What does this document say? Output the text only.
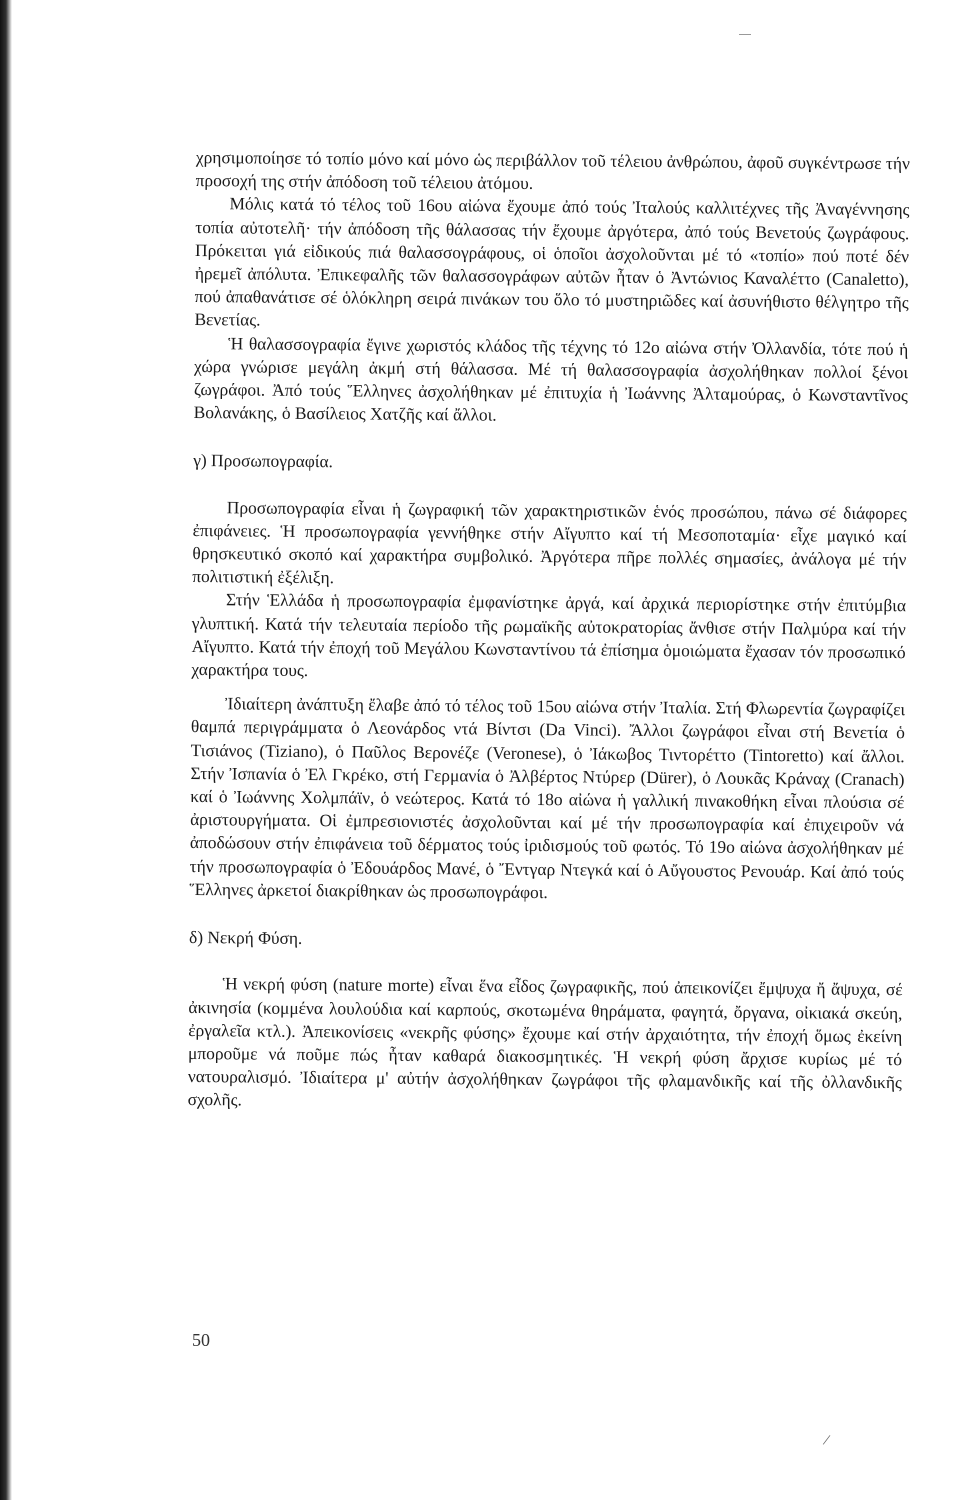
χρησιμοποίησε τό τοπίο μόνο καί μόνο ὡς περιβάλλον τοῦ τέλειου ἀνθρώπου, ἀφοῦ συγκέντρωσε τήν προσοχή της στήν ἀπόδοση τοῦ τέλειου ἀτόμου.

Μόλις κατά τό τέλος τοῦ 16ου αἰώνα ἔχουμε ἀπό τούς Ἰταλούς καλλιτέχνες τῆς Ἀναγέννησης τοπία αὐτοτελῆ· τήν ἀπόδοση τῆς θάλασσας τήν ἔχουμε ἀργότερα, ἀπό τούς Βενετούς ζωγράφους. Πρόκειται γιά εἰδικούς πιά θαλασσογράφους, οἱ ὁποῖοι ἀσχολοῦνται μέ τό «τοπίο» πού ποτέ δέν ἠρεμεῖ ἀπόλυτα. Ἐπικεφαλῆς τῶν θαλασσογράφων αὐτῶν ἦταν ὁ Ἀντώνιος Καναλέττο (Canaletto), πού ἀπαθανάτισε σέ ὁλόκληρη σειρά πινάκων του ὅλο τό μυστηριῶδες καί ἀσυνήθιστο θέλγητρο τῆς Βενετίας.

Ἡ θαλασσογραφία ἔγινε χωριστός κλάδος τῆς τέχνης τό 12ο αἰώνα στήν Ὀλλανδία, τότε πού ἡ χώρα γνώρισε μεγάλη ἀκμή στή θάλασσα. Μέ τή θαλασσογραφία ἀσχολήθηκαν πολλοί ξένοι ζωγράφοι. Ἀπό τούς Ἕλληνες ἀσχολήθηκαν μέ ἐπιτυχία ἡ Ἰωάννης Ἀλταμούρας, ὁ Κωνσταντῖνος Βολανάκης, ὁ Βασίλειος Χατζῆς καί ἄλλοι.

γ) Προσωπογραφία.

Προσωπογραφία εἶναι ἡ ζωγραφική τῶν χαρακτηριστικῶν ἑνός προσώπου, πάνω σέ διάφορες ἐπιφάνειες. Ἡ προσωπογραφία γεννήθηκε στήν Αἴγυπτο καί τή Μεσοποταμία· εἶχε μαγικό καί θρησκευτικό σκοπό καί χαρακτήρα συμβολικό. Ἀργότερα πῆρε πολλές σημασίες, ἀνάλογα μέ τήν πολιτιστική ἐξέλιξη.

Στήν Ἑλλάδα ἡ προσωπογραφία ἐμφανίστηκε ἀργά, καί ἀρχικά περιορίστηκε στήν ἐπιτύμβια γλυπτική. Κατά τήν τελευταία περίοδο τῆς ρωμαϊκῆς αὐτοκρατορίας ἄνθισε στήν Παλμύρα καί τήν Αἴγυπτο. Κατά τήν ἐποχή τοῦ Μεγάλου Κωνσταντίνου τά ἐπίσημα ὁμοιώματα ἔχασαν τόν προσωπικό χαρακτήρα τους.

Ἰδιαίτερη ἀνάπτυξη ἔλαβε ἀπό τό τέλος τοῦ 15ου αἰώνα στήν Ἰταλία. Στή Φλωρεντία ζωγραφίζει θαμπά περιγράμματα ὁ Λεονάρδος ντά Βίντσι (Da Vinci). Ἄλλοι ζωγράφοι εἶναι στή Βενετία ὁ Τισιάνος (Tiziano), ὁ Παῦλος Βερονέζε (Veronese), ὁ Ἰάκωβος Τιντορέττο (Tintoretto) καί ἄλλοι. Στήν Ἰσπανία ὁ Ἐλ Γκρέκο, στή Γερμανία ὁ Ἀλβέρτος Ντύρερ (Dürer), ὁ Λουκᾶς Κράναχ (Cranach) καί ὁ Ἰωάννης Χολμπάϊν, ὁ νεώτερος. Κατά τό 18ο αἰώνα ἡ γαλλική πινακοθήκη εἶναι πλούσια σέ ἀριστουργήματα. Οἱ ἐμπρεσιονιστές ἀσχολοῦνται καί μέ τήν προσωπογραφία καί ἐπιχειροῦν νά ἀποδώσουν στήν ἐπιφάνεια τοῦ δέρματος τούς ἰριδισμούς τοῦ φωτός. Τό 19ο αἰώνα ἀσχολήθηκαν μέ τήν προσωπογραφία ὁ Ἐδουάρδος Μανέ, ὁ Ἔντγαρ Ντεγκά καί ὁ Αὔγουστος Ρενουάρ. Καί ἀπό τούς Ἕλληνες ἀρκετοί διακρίθηκαν ὡς προσωπογράφοι.

δ) Νεκρή Φύση.

Ἡ νεκρή φύση (nature morte) εἶναι ἕνα εἶδος ζωγραφικῆς, πού ἀπεικονίζει ἔμψυχα ἤ ἄψυχα, σέ ἀκινησία (κομμένα λουλούδια καί καρπούς, σκοτωμένα θηράματα, φαγητά, ὄργανα, οἰκιακά σκεύη, ἐργαλεῖα κτλ.). Ἀπεικονίσεις «νεκρῆς φύσης» ἔχουμε καί στήν ἀρχαιότητα, τήν ἐποχή ὅμως ἐκείνη μποροῦμε νά ποῦμε πώς ἦταν καθαρά διακοσμητικές. Ἡ νεκρή φύση ἄρχισε κυρίως μέ τό νατουραλισμό. Ἰδιαίτερα μ' αὐτήν ἀσχολήθηκαν ζωγράφοι τῆς φλαμανδικῆς καί τῆς ὀλλανδικῆς σχολῆς.

50
/
